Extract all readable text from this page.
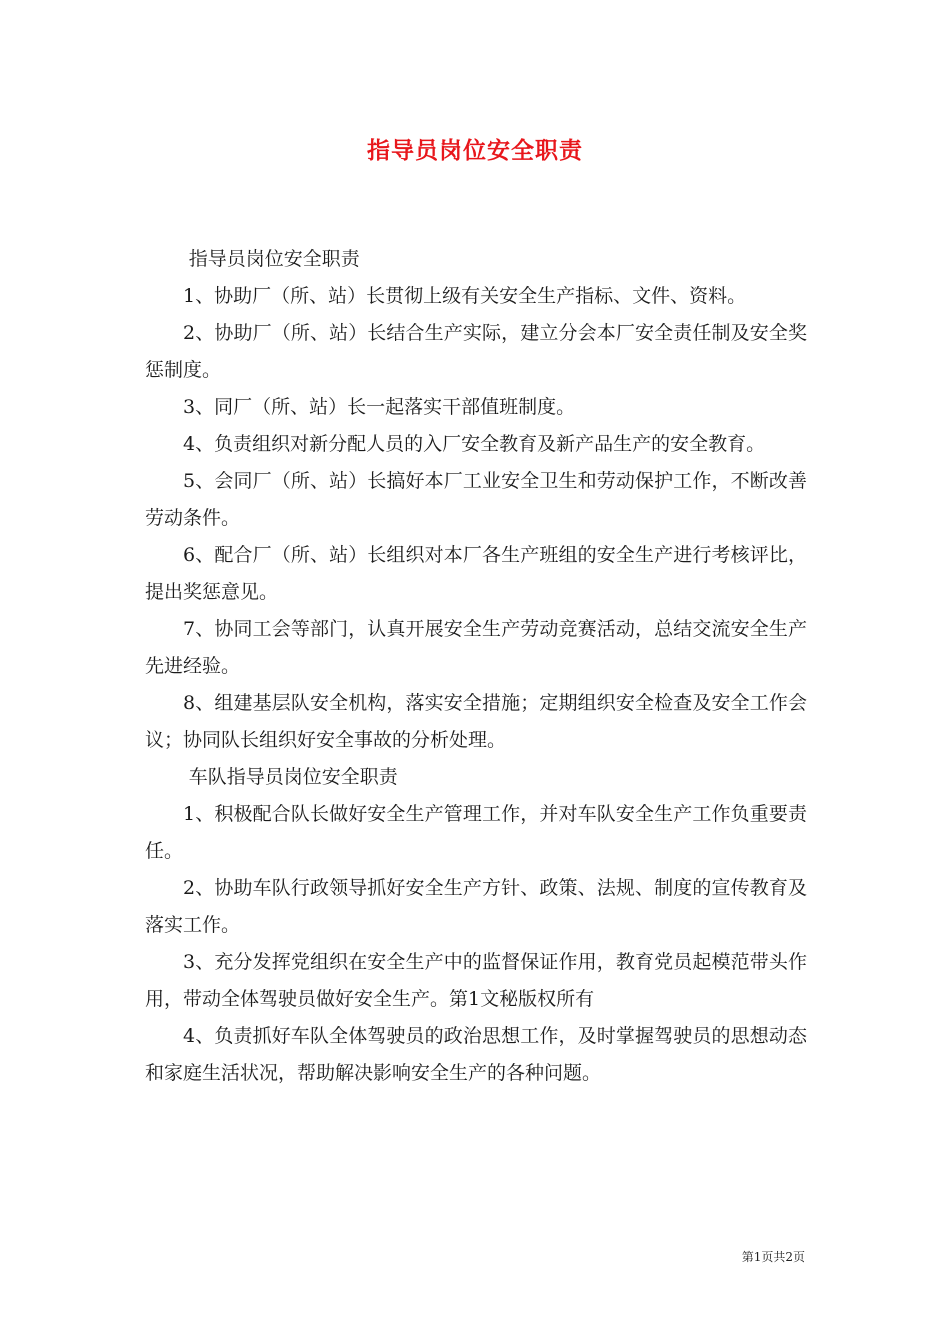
指导员岗位安全职责

指导员岗位安全职责

1、协助厂（所、站）长贯彻上级有关安全生产指标、文件、资料。

2、协助厂（所、站）长结合生产实际，建立分会本厂安全责任制及安全奖惩制度。

3、同厂（所、站）长一起落实干部值班制度。

4、负责组织对新分配人员的入厂安全教育及新产品生产的安全教育。

5、会同厂（所、站）长搞好本厂工业安全卫生和劳动保护工作，不断改善劳动条件。

6、配合厂（所、站）长组织对本厂各生产班组的安全生产进行考核评比，提出奖惩意见。

7、协同工会等部门，认真开展安全生产劳动竞赛活动，总结交流安全生产先进经验。

8、组建基层队安全机构，落实安全措施；定期组织安全检查及安全工作会议；协同队长组织好安全事故的分析处理。

车队指导员岗位安全职责

1、积极配合队长做好安全生产管理工作，并对车队安全生产工作负重要责任。

2、协助车队行政领导抓好安全生产方针、政策、法规、制度的宣传教育及落实工作。

3、充分发挥党组织在安全生产中的监督保证作用，教育党员起模范带头作用，带动全体驾驶员做好安全生产。第1文秘版权所有

4、负责抓好车队全体驾驶员的政治思想工作，及时掌握驾驶员的思想动态和家庭生活状况，帮助解决影响安全生产的各种问题。

第1页共2页
